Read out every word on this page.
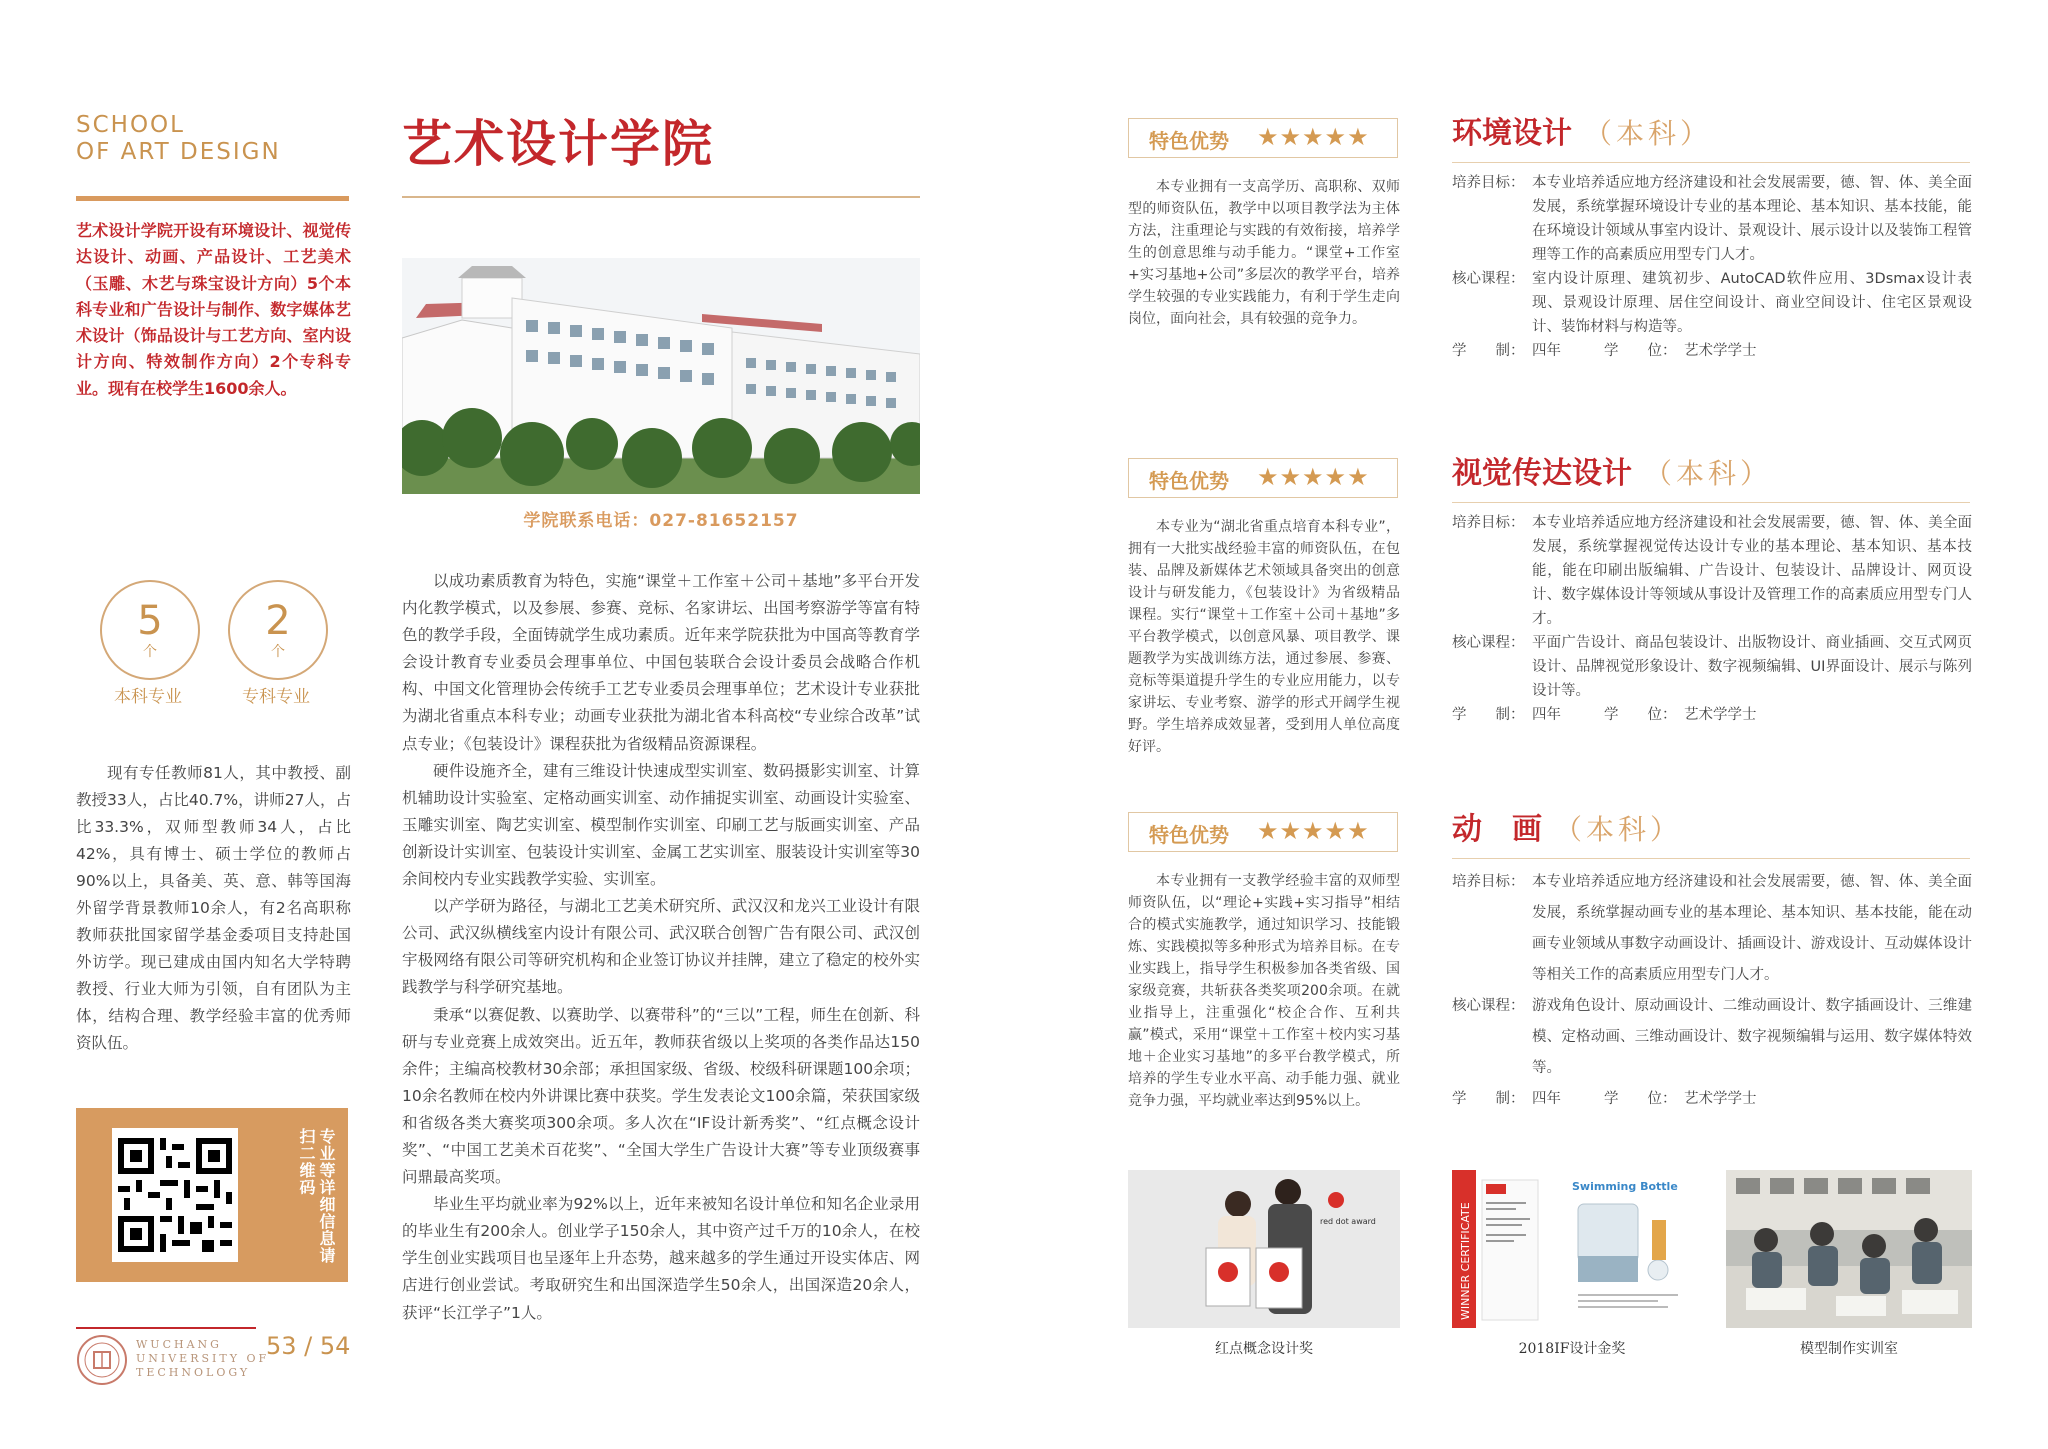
SCHOOL
OF ART DESIGN
艺术设计学院开设有环境设计、视觉传达设计、动画、产品设计、工艺美术（玉雕、木艺与珠宝设计方向）5个本科专业和广告设计与制作、数字媒体艺术设计（饰品设计与工艺方向、室内设计方向、特效制作方向）2个专科专业。现有在校学生1600余人。
5
个
本科专业
2
个
专科专业
现有专任教师81人，其中教授、副教授33人，占比40.7%，讲师27人，占比33.3%，双师型教师34人，占比42%，具有博士、硕士学位的教师占90%以上，具备美、英、意、韩等国海外留学背景教师10余人，有2名高职称教师获批国家留学基金委项目支持赴国外访学。现已建成由国内知名大学特聘教授、行业大师为引领，自有团队为主体，结构合理、教学经验丰富的优秀师资队伍。
专业等详细信息请扫二维码
WUCHANG
UNIVERSITY OF
TECHNOLOGY
53 / 54
艺术设计学院
学院联系电话：027-81652157

以成功素质教育为特色，实施“课堂＋工作室＋公司＋基地”多平台开发内化教学模式，以及参展、参赛、竞标、名家讲坛、出国考察游学等富有特色的教学手段，全面铸就学生成功素质。近年来学院获批为中国高等教育学会设计教育专业委员会理事单位、中国包装联合会设计委员会战略合作机构、中国文化管理协会传统手工艺专业委员会理事单位；艺术设计专业获批为湖北省重点本科专业；动画专业获批为湖北省本科高校“专业综合改革”试点专业；《包装设计》课程获批为省级精品资源课程。

硬件设施齐全，建有三维设计快速成型实训室、数码摄影实训室、计算机辅助设计实验室、定格动画实训室、动作捕捉实训室、动画设计实验室、玉雕实训室、陶艺实训室、模型制作实训室、印刷工艺与版画实训室、产品创新设计实训室、包装设计实训室、金属工艺实训室、服装设计实训室等30余间校内专业实践教学实验、实训室。

以产学研为路径，与湖北工艺美术研究所、武汉汉和龙兴工业设计有限公司、武汉纵横线室内设计有限公司、武汉联合创智广告有限公司、武汉创宇极网络有限公司等研究机构和企业签订协议并挂牌，建立了稳定的校外实践教学与科学研究基地。

秉承“以赛促教、以赛助学、以赛带科”的“三以”工程，师生在创新、科研与专业竞赛上成效突出。近五年，教师获省级以上奖项的各类作品达150余件；主编高校教材30余部；承担国家级、省级、校级科研课题100余项；10余名教师在校内外讲课比赛中获奖。学生发表论文100余篇，荣获国家级和省级各类大赛奖项300余项。多人次在“IF设计新秀奖”、“红点概念设计奖”、“中国工艺美术百花奖”、“全国大学生广告设计大赛”等专业顶级赛事问鼎最高奖项。

毕业生平均就业率为92%以上，近年来被知名设计单位和知名企业录用的毕业生有200余人。创业学子150余人，其中资产过千万的10余人，在校学生创业实践项目也呈逐年上升态势，越来越多的学生通过开设实体店、网店进行创业尝试。考取研究生和出国深造学生50余人，出国深造20余人，获评“长江学子”1人。

特色优势 ★★★★★

本专业拥有一支高学历、高职称、双师型的师资队伍，教学中以项目教学法为主体方法，注重理论与实践的有效衔接，培养学生的创意思维与动手能力。“课堂+工作室+实习基地+公司”多层次的教学平台，培养学生较强的专业实践能力，有利于学生走向岗位，面向社会，具有较强的竞争力。

特色优势 ★★★★★

本专业为“湖北省重点培育本科专业”，拥有一大批实战经验丰富的师资队伍，在包装、品牌及新媒体艺术领域具备突出的创意设计与研发能力，《包装设计》为省级精品课程。实行“课堂＋工作室＋公司＋基地”多平台教学模式，以创意风暴、项目教学、课题教学为实战训练方法，通过参展、参赛、竞标等渠道提升学生的专业应用能力，以专家讲坛、专业考察、游学的形式开阔学生视野。学生培养成效显著，受到用人单位高度好评。

特色优势 ★★★★★

本专业拥有一支教学经验丰富的双师型师资队伍，以“理论+实践+实习指导”相结合的模式实施教学，通过知识学习、技能锻炼、实践模拟等多种形式为培养目标。在专业实践上，指导学生积极参加各类省级、国家级竞赛，共斩获各类奖项200余项。在就业指导上，注重强化“校企合作、互利共赢”模式，采用“课堂＋工作室＋校内实习基地＋企业实习基地”的多平台教学模式，所培养的学生专业水平高、动手能力强、就业竞争力强，平均就业率达到95%以上。

环境设计 （本科）
培养目标： 本专业培养适应地方经济建设和社会发展需要，德、智、体、美全面发展，系统掌握环境设计专业的基本理论、基本知识、基本技能，能在环境设计领域从事室内设计、景观设计、展示设计以及装饰工程管理等工作的高素质应用型专门人才。
核心课程： 室内设计原理、建筑初步、AutoCAD软件应用、3Dsmax设计表现、景观设计原理、居住空间设计、商业空间设计、住宅区景观设计、装饰材料与构造等。
学　　制： 四年	学　　位： 艺术学学士
视觉传达设计 （本科）
培养目标： 本专业培养适应地方经济建设和社会发展需要，德、智、体、美全面发展，系统掌握视觉传达设计专业的基本理论、基本知识、基本技能，能在印刷出版编辑、广告设计、包装设计、品牌设计、网页设计、数字媒体设计等领域从事设计及管理工作的高素质应用型专门人才。
核心课程： 平面广告设计、商品包装设计、出版物设计、商业插画、交互式网页设计、品牌视觉形象设计、数字视频编辑、UI界面设计、展示与陈列设计等。
学　　制： 四年	学　　位： 艺术学学士
动　画 （本科）
培养目标： 本专业培养适应地方经济建设和社会发展需要，德、智、体、美全面发展，系统掌握动画专业的基本理论、基本知识、基本技能，能在动画专业领域从事数字动画设计、插画设计、游戏设计、互动媒体设计等相关工作的高素质应用型专门人才。
核心课程： 游戏角色设计、原动画设计、二维动画设计、数字插画设计、三维建模、定格动画、三维动画设计、数字视频编辑与运用、数字媒体特效等。
学　　制： 四年	学　　位： 艺术学学士
red dot award
红点概念设计奖
WINNER CERTIFICATE
Swimming Bottle
2018IF设计金奖	模型制作实训室
